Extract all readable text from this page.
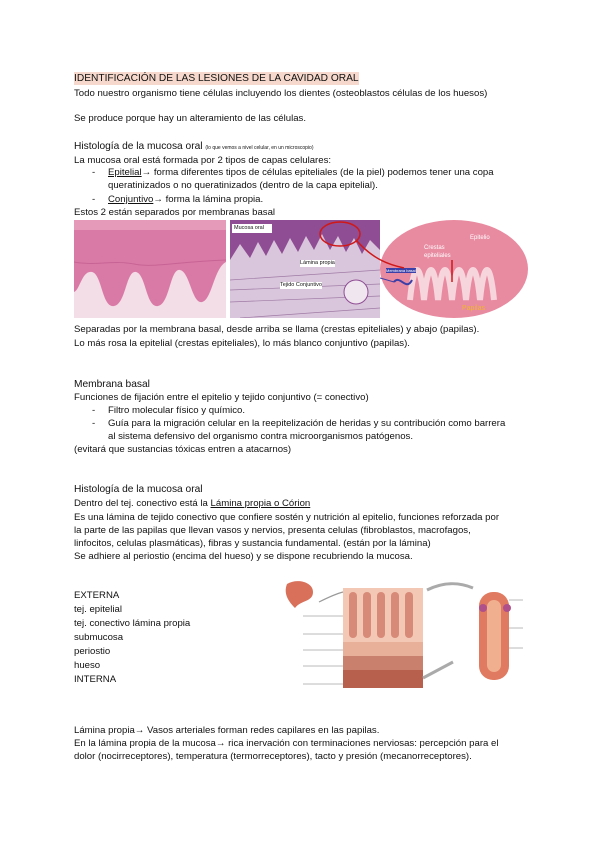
IDENTIFICACIÓN DE LAS LESIONES DE LA CAVIDAD ORAL
Todo nuestro organismo tiene células incluyendo los dientes (osteoblastos células de los huesos)
Se produce porque hay un alteramiento de las células.
Histología de la mucosa oral (lo que vemos a nivel celular, en un microscopio)
La mucosa oral está formada por 2 tipos de capas celulares:
- Epitelial→ forma diferentes tipos de células epiteliales (de la piel) podemos tener una copa
queratinizados o no queratinizados (dentro de la capa epitelial).
- Conjuntivo→ forma la lámina propia.
Estos 2 están separados por membranas basal
Mucosa oral
Lámina propia
Tejido Conjuntivo
Epitelio
Crestas epiteliales
Membrana basal
Papilas
Separadas por la membrana basal, desde arriba se llama (crestas epiteliales) y abajo (papilas).
Lo más rosa la epitelial (crestas epiteliales), lo más blanco conjuntivo (papilas).
Membrana basal
Funciones de fijación entre el epitelio y tejido conjuntivo (= conectivo)
- Filtro molecular físico y químico.
- Guía para la migración celular en la reepitelización de heridas y su contribución como barrera
al sistema defensivo del organismo contra microorganismos patógenos.
(evitará que sustancias tóxicas entren a atacarnos)
Histología de la mucosa oral
Dentro del tej. conectivo está la Lámina propia o Córion
Es una lámina de tejido conectivo que confiere sostén y nutrición al epitelio, funciones reforzada por
la parte de las papilas que llevan vasos y nervios, presenta celulas (fibroblastos, macrofagos,
linfocitos, celulas plasmáticas), fibras y sustancia fundamental. (están por la lámina)
Se adhiere al periostio (encima del hueso) y se dispone recubriendo la mucosa.
EXTERNA
tej. epitelial
tej. conectivo lámina propia
submucosa
periostio
hueso
INTERNA
Lámina propia→ Vasos arteriales forman redes capilares en las papilas.
En la lámina propia de la mucosa→ rica inervación con terminaciones nerviosas: percepción para el
dolor (nocirreceptores), temperatura (termorreceptores), tacto y presión (mecanorreceptores).
